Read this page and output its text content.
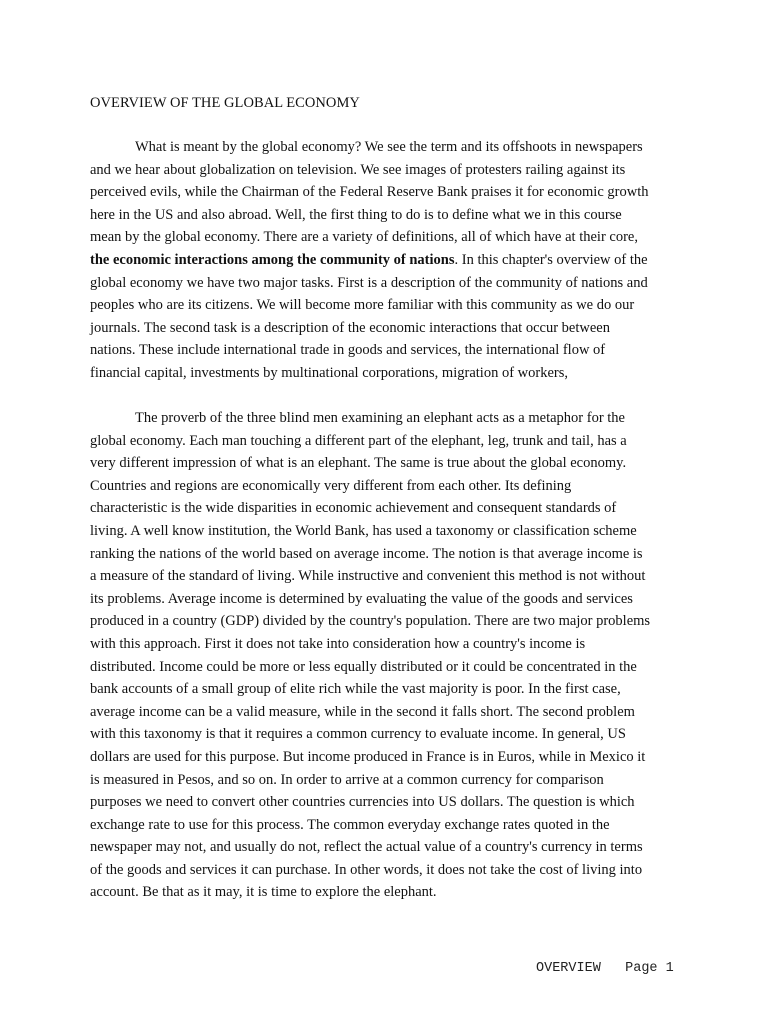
OVERVIEW OF THE GLOBAL ECONOMY
What is meant by the global economy? We see the term and its offshoots in newspapers
and we hear about globalization on television. We see images of protesters railing against its
perceived evils, while the Chairman of the Federal Reserve Bank praises it for economic growth
here in the US and also abroad. Well, the first thing to do is to define what we in this course
mean by the global economy. There are a variety of definitions, all of which have at their core,
the economic interactions among the community of nations. In this chapter's overview of the
global economy we have two major tasks. First is a description of the community of nations and
peoples who are its citizens. We will become more familiar with this community as we do our
journals. The second task is a description of the economic interactions that occur between
nations. These include international trade in goods and services, the international flow of
financial capital, investments by multinational corporations, migration of workers,
The proverb of the three blind men examining an elephant acts as a metaphor for the
global economy. Each man touching a different part of the elephant, leg, trunk and tail, has a
very different impression of what is an elephant. The same is true about the global economy.
Countries and regions are economically very different from each other. Its defining
characteristic is the wide disparities in economic achievement and consequent standards of
living. A well know institution, the World Bank, has used a taxonomy or classification scheme
ranking the nations of the world based on average income. The notion is that average income is
a measure of the standard of living. While instructive and convenient this method is not without
its problems. Average income is determined by evaluating the value of the goods and services
produced in a country (GDP) divided by the country's population. There are two major problems
with this approach. First it does not take into consideration how a country's income is
distributed. Income could be more or less equally distributed or it could be concentrated in the
bank accounts of a small group of elite rich while the vast majority is poor. In the first case,
average income can be a valid measure, while in the second it falls short. The second problem
with this taxonomy is that it requires a common currency to evaluate income. In general, US
dollars are used for this purpose. But income produced in France is in Euros, while in Mexico it
is measured in Pesos, and so on. In order to arrive at a common currency for comparison
purposes we need to convert other countries currencies into US dollars. The question is which
exchange rate to use for this process. The common everyday exchange rates quoted in the
newspaper may not, and usually do not, reflect the actual value of a country's currency in terms
of the goods and services it can purchase. In other words, it does not take the cost of living into
account. Be that as it may, it is time to explore the elephant.
OVERVIEW   Page 1
